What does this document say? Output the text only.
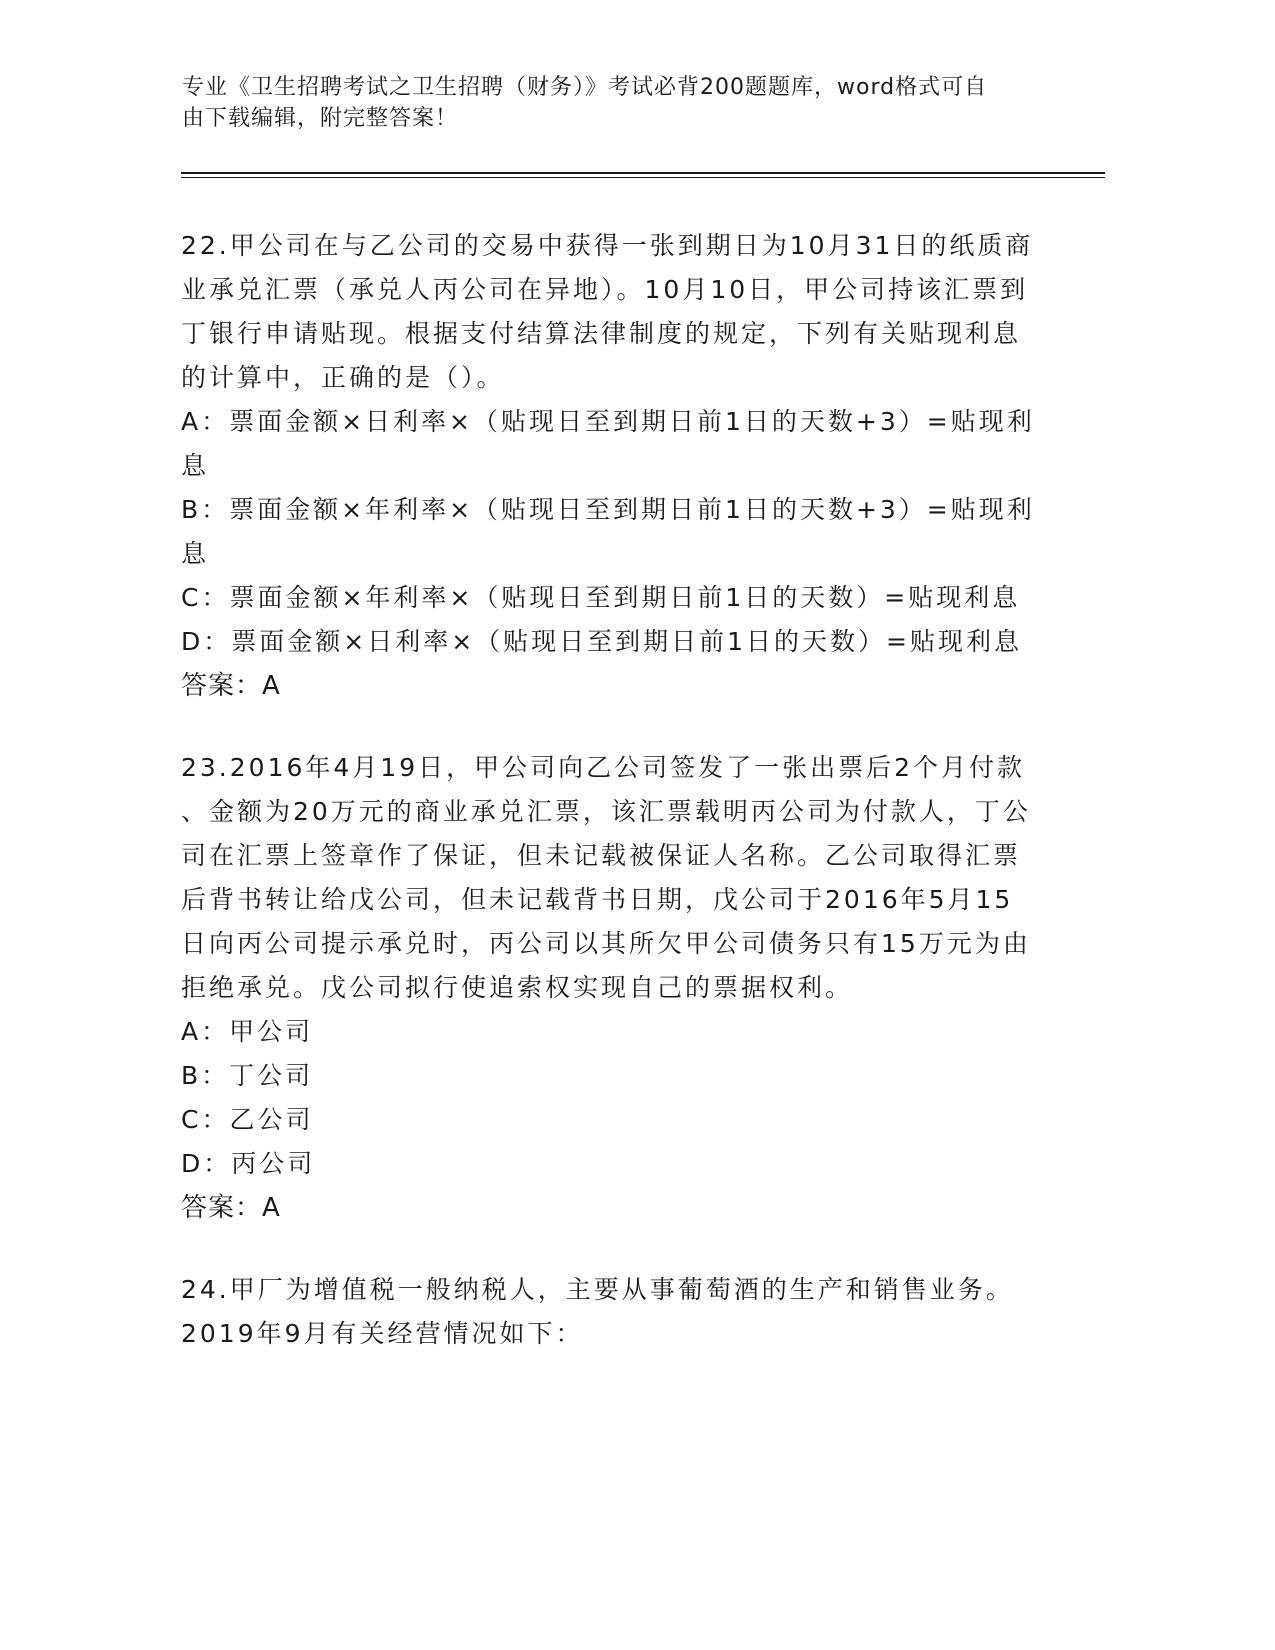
专业《卫生招聘考试之卫生招聘（财务）》考试必背200题题库，word格式可自
由下载编辑，附完整答案！
22.甲公司在与乙公司的交易中获得一张到期日为10月31日的纸质商
业承兑汇票（承兑人丙公司在异地）。10月10日，甲公司持该汇票到
丁银行申请贴现。根据支付结算法律制度的规定，下列有关贴现利息
的计算中，正确的是（）。
A：票面金额×日利率×（贴现日至到期日前1日的天数+3）=贴现利
息
B：票面金额×年利率×（贴现日至到期日前1日的天数+3）=贴现利
息
C：票面金额×年利率×（贴现日至到期日前1日的天数）=贴现利息
D：票面金额×日利率×（贴现日至到期日前1日的天数）=贴现利息
答案：A
23.2016年4月19日，甲公司向乙公司签发了一张出票后2个月付款
、金额为20万元的商业承兑汇票，该汇票载明丙公司为付款人，丁公
司在汇票上签章作了保证，但未记载被保证人名称。乙公司取得汇票
后背书转让给戊公司，但未记载背书日期，戊公司于2016年5月15
日向丙公司提示承兑时，丙公司以其所欠甲公司债务只有15万元为由
拒绝承兑。戊公司拟行使追索权实现自己的票据权利。
A：甲公司
B：丁公司
C：乙公司
D：丙公司
答案：A
24.甲厂为增值税一般纳税人，主要从事葡萄酒的生产和销售业务。
2019年9月有关经营情况如下：
